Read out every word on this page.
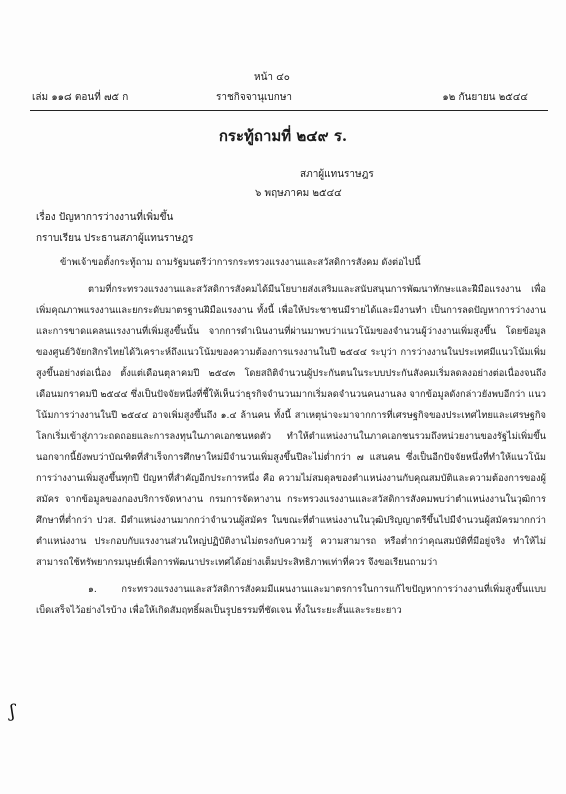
หน้า ๔๐
เล่ม ๑๑๘ ตอนที่ ๗๕ ก	ราชกิจจานุเบกษา	๑๒ กันยายน ๒๕๔๔
กระทู้ถามที่ ๒๔๙ ร.
สภาผู้แทนราษฎร
๖ พฤษภาคม ๒๕๔๔
เรื่อง ปัญหาการว่างงานที่เพิ่มขึ้น
กราบเรียน ประธานสภาผู้แทนราษฎร

ข้าพเจ้าขอตั้งกระทู้ถาม ถามรัฐมนตรีว่าการกระทรวงแรงงานและสวัสดิการสังคม ดังต่อไปนี้

ตามที่กระทรวงแรงงานและสวัสดิการสังคมได้มีนโยบายส่งเสริมและสนับสนุนการพัฒนาทักษะและฝีมือแรงงาน เพื่อเพิ่มคุณภาพแรงงานและยกระดับมาตรฐานฝีมือแรงงาน ทั้งนี้ เพื่อให้ประชาชนมีรายได้และมีงานทำ เป็นการลดปัญหาการว่างงานและการขาดแคลนแรงงานที่เพิ่มสูงขึ้นนั้น จากการดำเนินงานที่ผ่านมาพบว่าแนวโน้มของจำนวนผู้ว่างงานเพิ่มสูงขึ้น โดยข้อมูลของศูนย์วิจัยกสิกรไทยได้วิเคราะห์ถึงแนวโน้มของความต้องการแรงงานในปี ๒๕๔๔ ระบุว่า การว่างงานในประเทศมีแนวโน้มเพิ่มสูงขึ้นอย่างต่อเนื่อง ตั้งแต่เดือนตุลาคมปี ๒๕๔๓ โดยสถิติจำนวนผู้ประกันตนในระบบประกันสังคมเริ่มลดลงอย่างต่อเนื่องจนถึงเดือนมกราคมปี ๒๕๔๔ ซึ่งเป็นปัจจัยหนึ่งที่ชี้ให้เห็นว่าธุรกิจจำนวนมากเริ่มลดจำนวนคนงานลง จากข้อมูลดังกล่าวยังพบอีกว่า แนวโน้มการว่างงานในปี ๒๕๔๔ อาจเพิ่มสูงขึ้นถึง ๑.๔ ล้านคน ทั้งนี้ สาเหตุน่าจะมาจากการที่เศรษฐกิจของประเทศไทยและเศรษฐกิจโลกเริ่มเข้าสู่ภาวะถดถอยและการลงทุนในภาคเอกชนหดตัว ทำให้ตำแหน่งงานในภาคเอกชนรวมถึงหน่วยงานของรัฐไม่เพิ่มขึ้น นอกจากนี้ยังพบว่าบัณฑิตที่สำเร็จการศึกษาใหม่มีจำนวนเพิ่มสูงขึ้นปีละไม่ต่ำกว่า ๗ แสนคน ซึ่งเป็นอีกปัจจัยหนึ่งที่ทำให้แนวโน้มการว่างงานเพิ่มสูงขึ้นทุกปี ปัญหาที่สำคัญอีกประการหนึ่ง คือ ความไม่สมดุลของตำแหน่งงานกับคุณสมบัติและความต้องการของผู้สมัคร จากข้อมูลของกองบริการจัดหางาน กรมการจัดหางาน กระทรวงแรงงานและสวัสดิการสังคมพบว่าตำแหน่งงานในวุฒิการศึกษาที่ต่ำกว่า ปวส. มีตำแหน่งงานมากกว่าจำนวนผู้สมัคร ในขณะที่ตำแหน่งงานในวุฒิปริญญาตรีขึ้นไปมีจำนวนผู้สมัครมากกว่าตำแหน่งงาน ประกอบกับแรงงานส่วนใหญ่ปฏิบัติงานไม่ตรงกับความรู้ ความสามารถ หรือต่ำกว่าคุณสมบัติที่มีอยู่จริง ทำให้ไม่สามารถใช้ทรัพยากรมนุษย์เพื่อการพัฒนาประเทศได้อย่างเต็มประสิทธิภาพเท่าที่ควร จึงขอเรียนถามว่า

๑. กระทรวงแรงงานและสวัสดิการสังคมมีแผนงานและมาตรการในการแก้ไขปัญหาการว่างงานที่เพิ่มสูงขึ้นแบบเบ็ดเสร็จไว้อย่างไรบ้าง เพื่อให้เกิดสัมฤทธิ์ผลเป็นรูปธรรมที่ชัดเจน ทั้งในระยะสั้นและระยะยาว

ʃ
